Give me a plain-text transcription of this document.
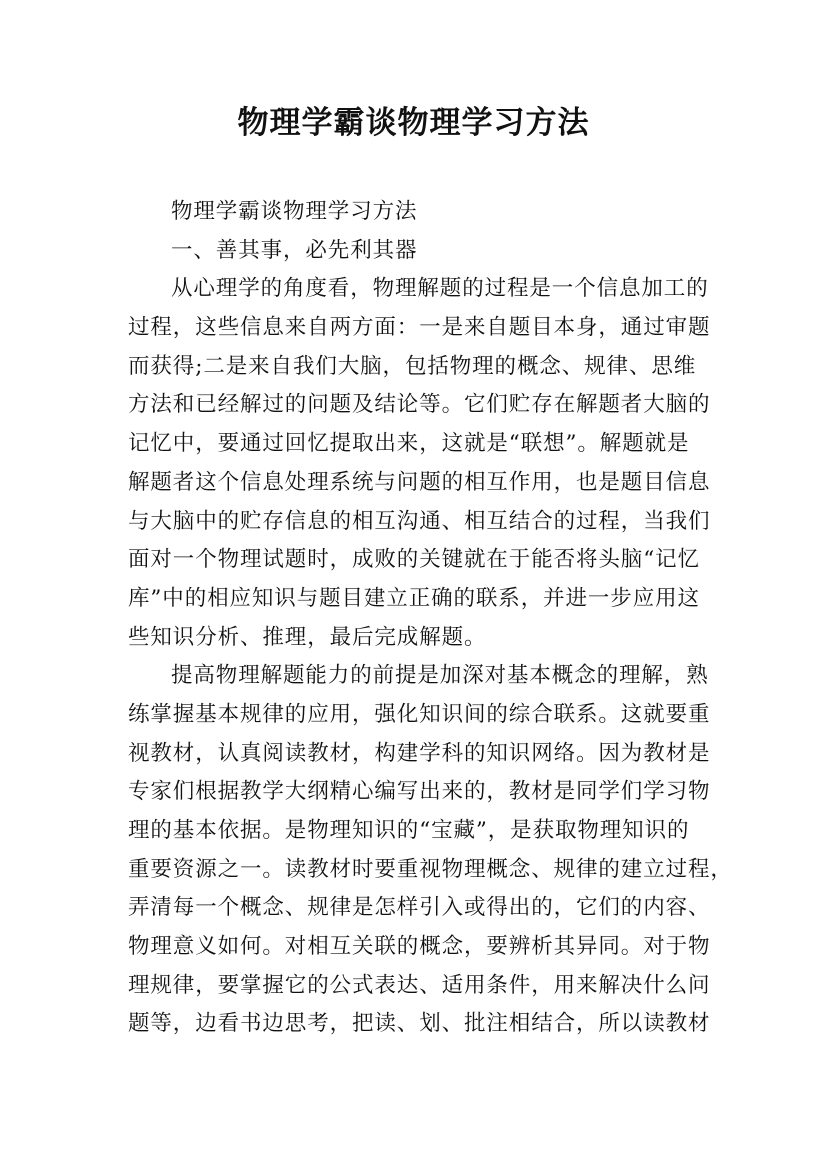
物理学霸谈物理学习方法
物理学霸谈物理学习方法
一、善其事，必先利其器
从心理学的角度看，物理解题的过程是一个信息加工的
过程，这些信息来自两方面：一是来自题目本身，通过审题
而获得;二是来自我们大脑，包括物理的概念、规律、思维
方法和已经解过的问题及结论等。它们贮存在解题者大脑的
记忆中，要通过回忆提取出来，这就是“联想”。解题就是
解题者这个信息处理系统与问题的相互作用，也是题目信息
与大脑中的贮存信息的相互沟通、相互结合的过程，当我们
面对一个物理试题时，成败的关键就在于能否将头脑“记忆
库”中的相应知识与题目建立正确的联系，并进一步应用这
些知识分析、推理，最后完成解题。
提高物理解题能力的前提是加深对基本概念的理解，熟
练掌握基本规律的应用，强化知识间的综合联系。这就要重
视教材，认真阅读教材，构建学科的知识网络。因为教材是
专家们根据教学大纲精心编写出来的，教材是同学们学习物
理的基本依据。是物理知识的“宝藏”，是获取物理知识的
重要资源之一。读教材时要重视物理概念、规律的建立过程，
弄清每一个概念、规律是怎样引入或得出的，它们的内容、
物理意义如何。对相互关联的概念，要辨析其异同。对于物
理规律，要掌握它的公式表达、适用条件，用来解决什么问
题等，边看书边思考，把读、划、批注相结合，所以读教材
